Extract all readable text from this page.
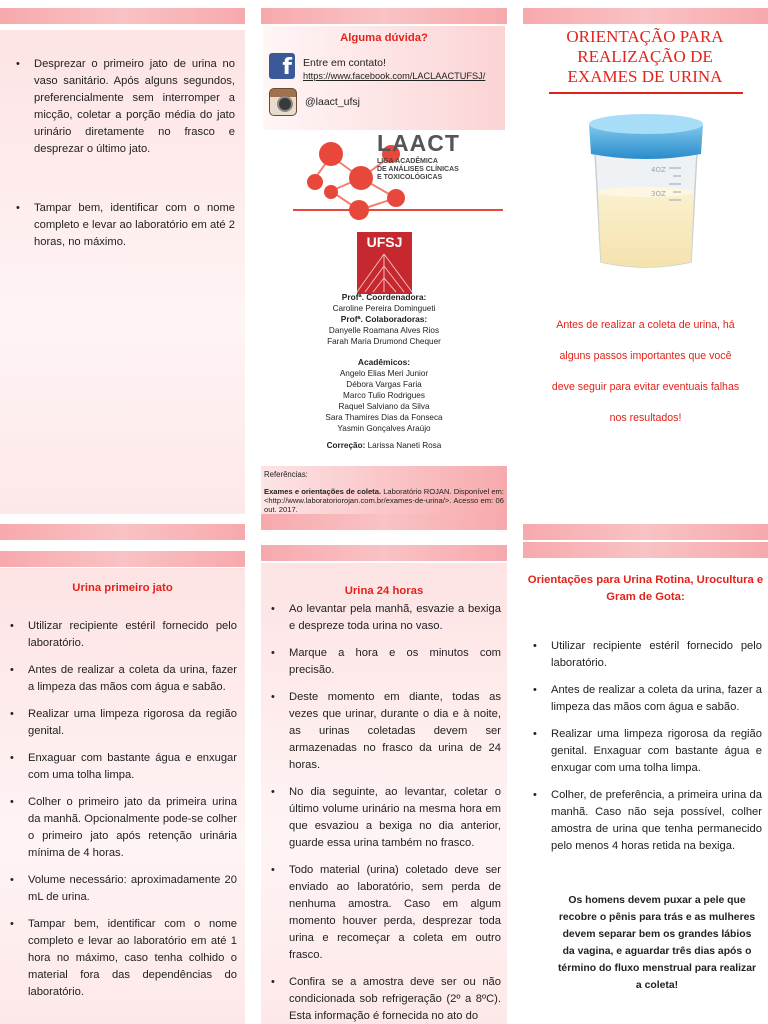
• Desprezar o primeiro jato de urina no vaso sanitário. Após alguns segundos, preferencialmente sem interromper a micção, coletar a porção média do jato urinário diretamente no frasco e desprezar o último jato.
• Tampar bem, identificar com o nome completo e levar ao laboratório em até 2 horas, no máximo.
Alguma dúvida?
f Entre em contato!
https://www.facebook.com/LACLAACTUFSJ/
@laact_ufsj
LAACT
LIGA ACADÊMICA
DE ANÁLISES CLÍNICAS
E TOXICOLÓGICAS
UFSJ
Profª. Coordenadora:
Caroline Pereira Domingueti
Profª. Colaboradoras:
Danyelle Roamana Alves Rios
Farah Maria Drumond Chequer
Acadêmicos:
Angelo Elias Meri Junior
Débora Vargas Faria
Marco Tulio Rodrigues
Raquel Salviano da Silva
Sara Thamires Dias da Fonseca
Yasmin Gonçalves Araújo
Correção: Larissa Naneti Rosa
Referências:
Exames e orientações de coleta. Laboratório ROJAN. Disponível em: <http://www.laboratoriorojan.com.br/exames-de-urina/>. Acesso em: 06 out. 2017.
ORIENTAÇÃO PARA REALIZAÇÃO DE EXAMES DE URINA
4OZ
3OZ
Antes de realizar a coleta de urina, há
alguns passos importantes que você
deve seguir para evitar eventuais falhas
nos resultados!
Urina primeiro jato
• Utilizar recipiente estéril fornecido pelo laboratório.
• Antes de realizar a coleta da urina, fazer a limpeza das mãos com água e sabão.
• Realizar uma limpeza rigorosa da região genital.
• Enxaguar com bastante água e enxugar com uma tolha limpa.
• Colher o primeiro jato da primeira urina da manhã. Opcionalmente pode-se colher o primeiro jato após retenção urinária mínima de 4 horas.
• Volume necessário: aproximadamente 20 mL de urina.
• Tampar bem, identificar com o nome completo e levar ao laboratório em até 1 hora no máximo, caso tenha colhido o material fora das dependências do laboratório.
Urina 24 horas
• Ao levantar pela manhã, esvazie a bexiga e despreze toda urina no vaso.
• Marque a hora e os minutos com precisão.
• Deste momento em diante, todas as vezes que urinar, durante o dia e à noite, as urinas coletadas devem ser armazenadas no frasco da urina de 24 horas.
• No dia seguinte, ao levantar, coletar o último volume urinário na mesma hora em que esvaziou a bexiga no dia anterior, guarde essa urina também no frasco.
• Todo material (urina) coletado deve ser enviado ao laboratório, sem perda de nenhuma amostra. Caso em algum momento houver perda, desprezar toda urina e recomeçar a coleta em outro frasco.
• Confira se a amostra deve ser ou não condicionada sob refrigeração (2º a 8ºC). Esta informação é fornecida no ato do
Orientações para Urina Rotina, Urocultura e Gram de Gota:
• Utilizar recipiente estéril fornecido pelo laboratório.
• Antes de realizar a coleta da urina, fazer a limpeza das mãos com água e sabão.
• Realizar uma limpeza rigorosa da região genital. Enxaguar com bastante água e enxugar com uma tolha limpa.
• Colher, de preferência, a primeira urina da manhã. Caso não seja possível, colher amostra de urina que tenha permanecido pelo menos 4 horas retida na bexiga.
Os homens devem puxar a pele que recobre o pênis para trás e as mulheres devem separar bem os grandes lábios da vagina, e aguardar três dias após o término do fluxo menstrual para realizar a coleta!
